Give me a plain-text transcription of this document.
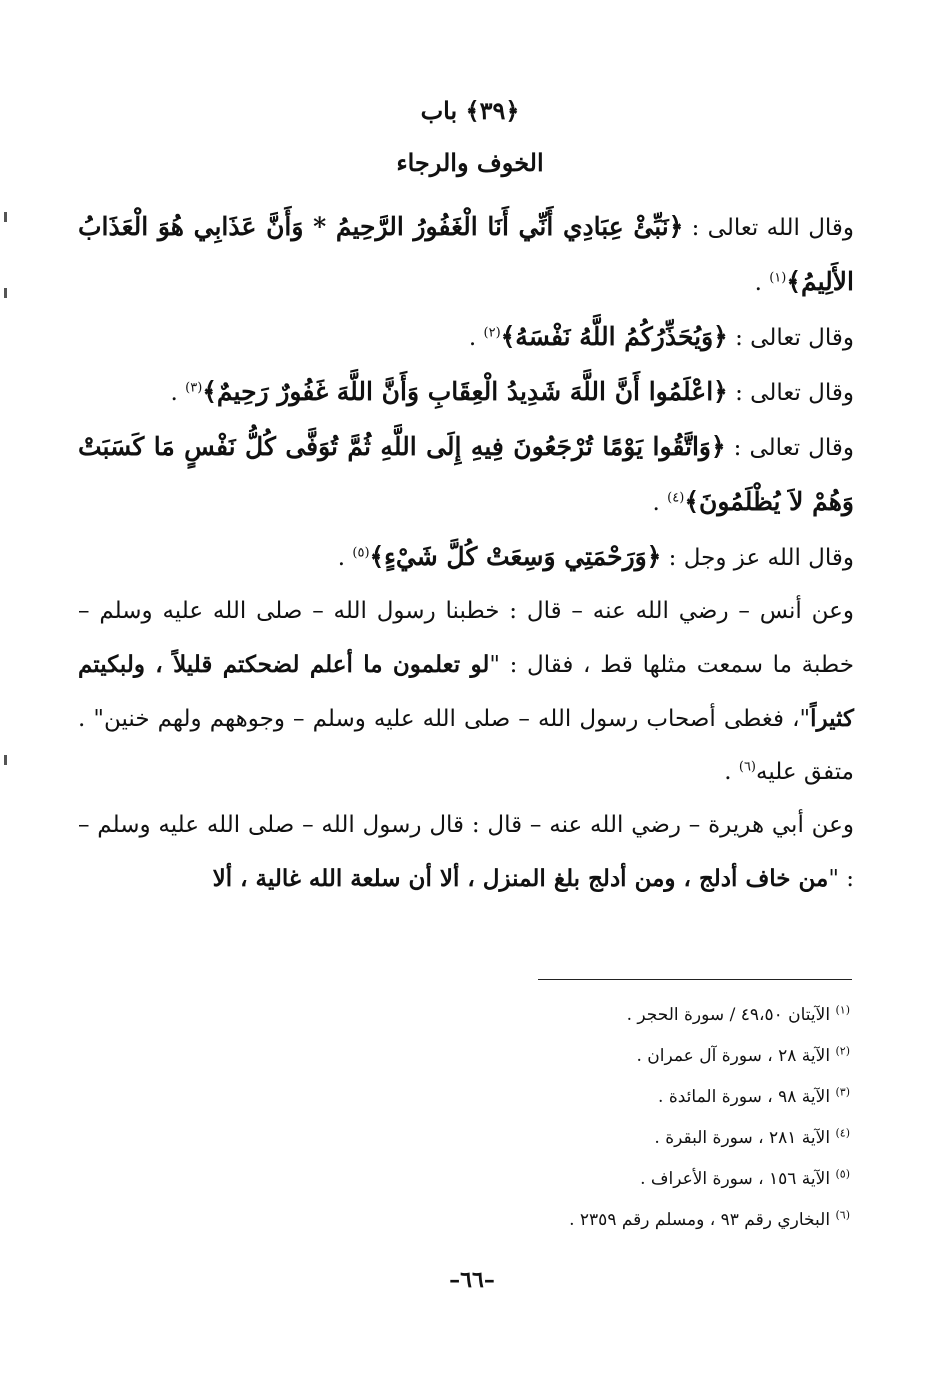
﴿٣٩﴾ باب
الخوف والرجاء

وقال الله تعالى : ﴿نَبِّئْ عِبَادِي أَنِّي أَنَا الْغَفُورُ الرَّحِيمُ * وَأَنَّ عَذَابِي هُوَ الْعَذَابُ الأَلِيمُ﴾$^{(١)}$ .

وقال تعالى : ﴿وَيُحَذِّرُكُمُ اللَّهُ نَفْسَهُ﴾$^{(٢)}$ .

وقال تعالى : ﴿اعْلَمُوا أَنَّ اللَّهَ شَدِيدُ الْعِقَابِ وَأَنَّ اللَّهَ غَفُورٌ رَحِيمٌ﴾$^{(٣)}$ .

وقال تعالى : ﴿وَاتَّقُوا يَوْمًا تُرْجَعُونَ فِيهِ إِلَى اللَّهِ ثُمَّ تُوَفَّى كُلُّ نَفْسٍ مَا كَسَبَتْ وَهُمْ لاَ يُظْلَمُونَ﴾$^{(٤)}$ .

وقال الله عز وجل : ﴿وَرَحْمَتِي وَسِعَتْ كُلَّ شَيْءٍ﴾$^{(٥)}$ .

وعن أنس – رضي الله عنه – قال : خطبنا رسول الله – صلى الله عليه وسلم – خطبة ما سمعت مثلها قط ، فقال : "لو تعلمون ما أعلم لضحكتم قليلاً ، ولبكيتم كثيراً"، فغطى أصحاب رسول الله – صلى الله عليه وسلم – وجوههم ولهم خنين" . متفق عليه$^{(٦)}$ .

وعن أبي هريرة – رضي الله عنه – قال : قال رسول الله – صلى الله عليه وسلم – : "من خاف أدلج ، ومن أدلج بلغ المنزل ، ألا أن سلعة الله غالية ، ألا

$^{(١)}$ الآيتان ٤٩،٥٠ / سورة الحجر .

$^{(٢)}$ الآية ٢٨ ، سورة آل عمران .

$^{(٣)}$ الآية ٩٨ ، سورة المائدة .

$^{(٤)}$ الآية ٢٨١ ، سورة البقرة .

$^{(٥)}$ الآية ١٥٦ ، سورة الأعراف .

$^{(٦)}$ البخاري رقم ٩٣ ، ومسلم رقم ٢٣٥٩ .

–٦٦–
